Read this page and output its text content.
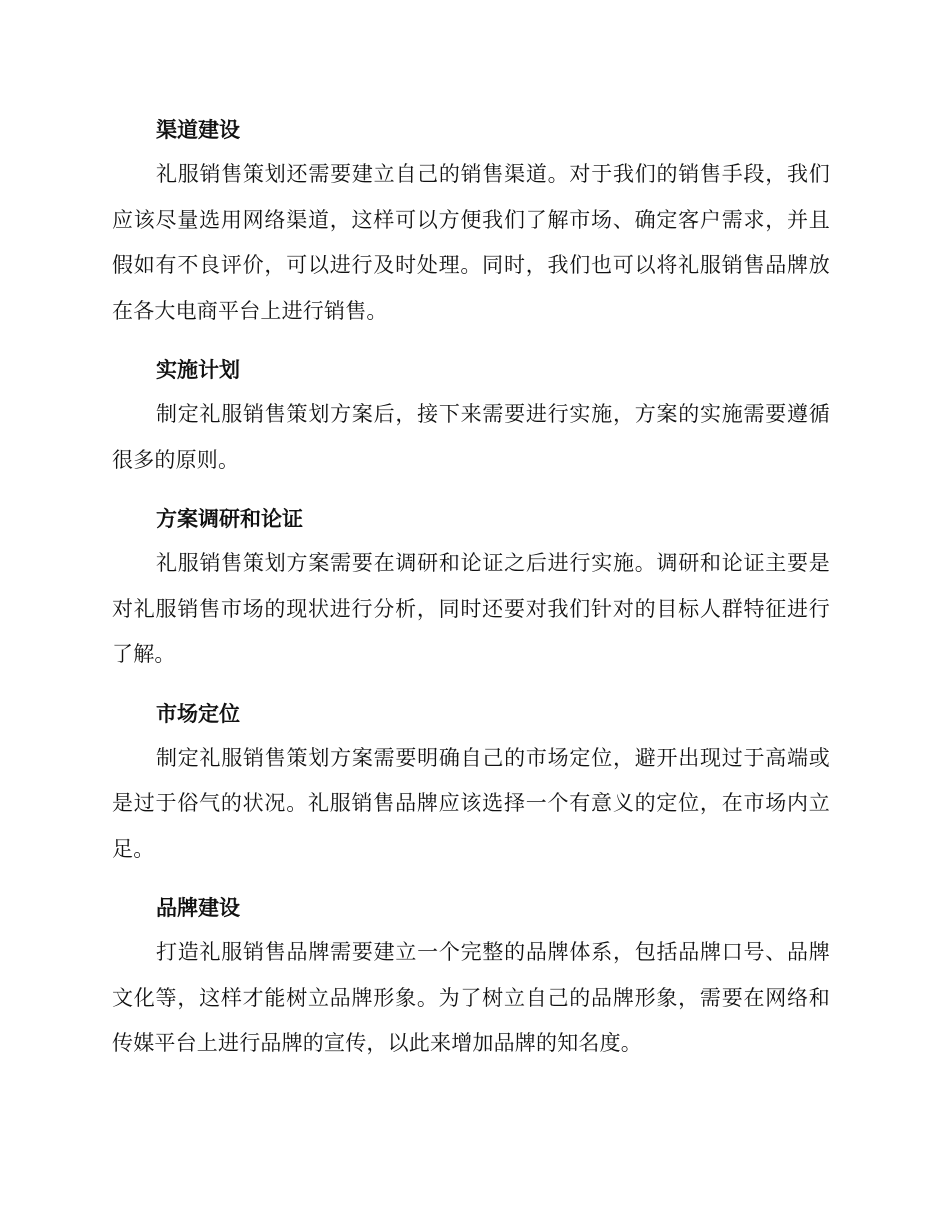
渠道建设

礼服销售策划还需要建立自己的销售渠道。对于我们的销售手段，我们应该尽量选用网络渠道，这样可以方便我们了解市场、确定客户需求，并且假如有不良评价，可以进行及时处理。同时，我们也可以将礼服销售品牌放在各大电商平台上进行销售。

实施计划

制定礼服销售策划方案后，接下来需要进行实施，方案的实施需要遵循很多的原则。

方案调研和论证

礼服销售策划方案需要在调研和论证之后进行实施。调研和论证主要是对礼服销售市场的现状进行分析，同时还要对我们针对的目标人群特征进行了解。

市场定位

制定礼服销售策划方案需要明确自己的市场定位，避开出现过于高端或是过于俗气的状况。礼服销售品牌应该选择一个有意义的定位，在市场内立足。

品牌建设

打造礼服销售品牌需要建立一个完整的品牌体系，包括品牌口号、品牌文化等，这样才能树立品牌形象。为了树立自己的品牌形象，需要在网络和传媒平台上进行品牌的宣传，以此来增加品牌的知名度。
